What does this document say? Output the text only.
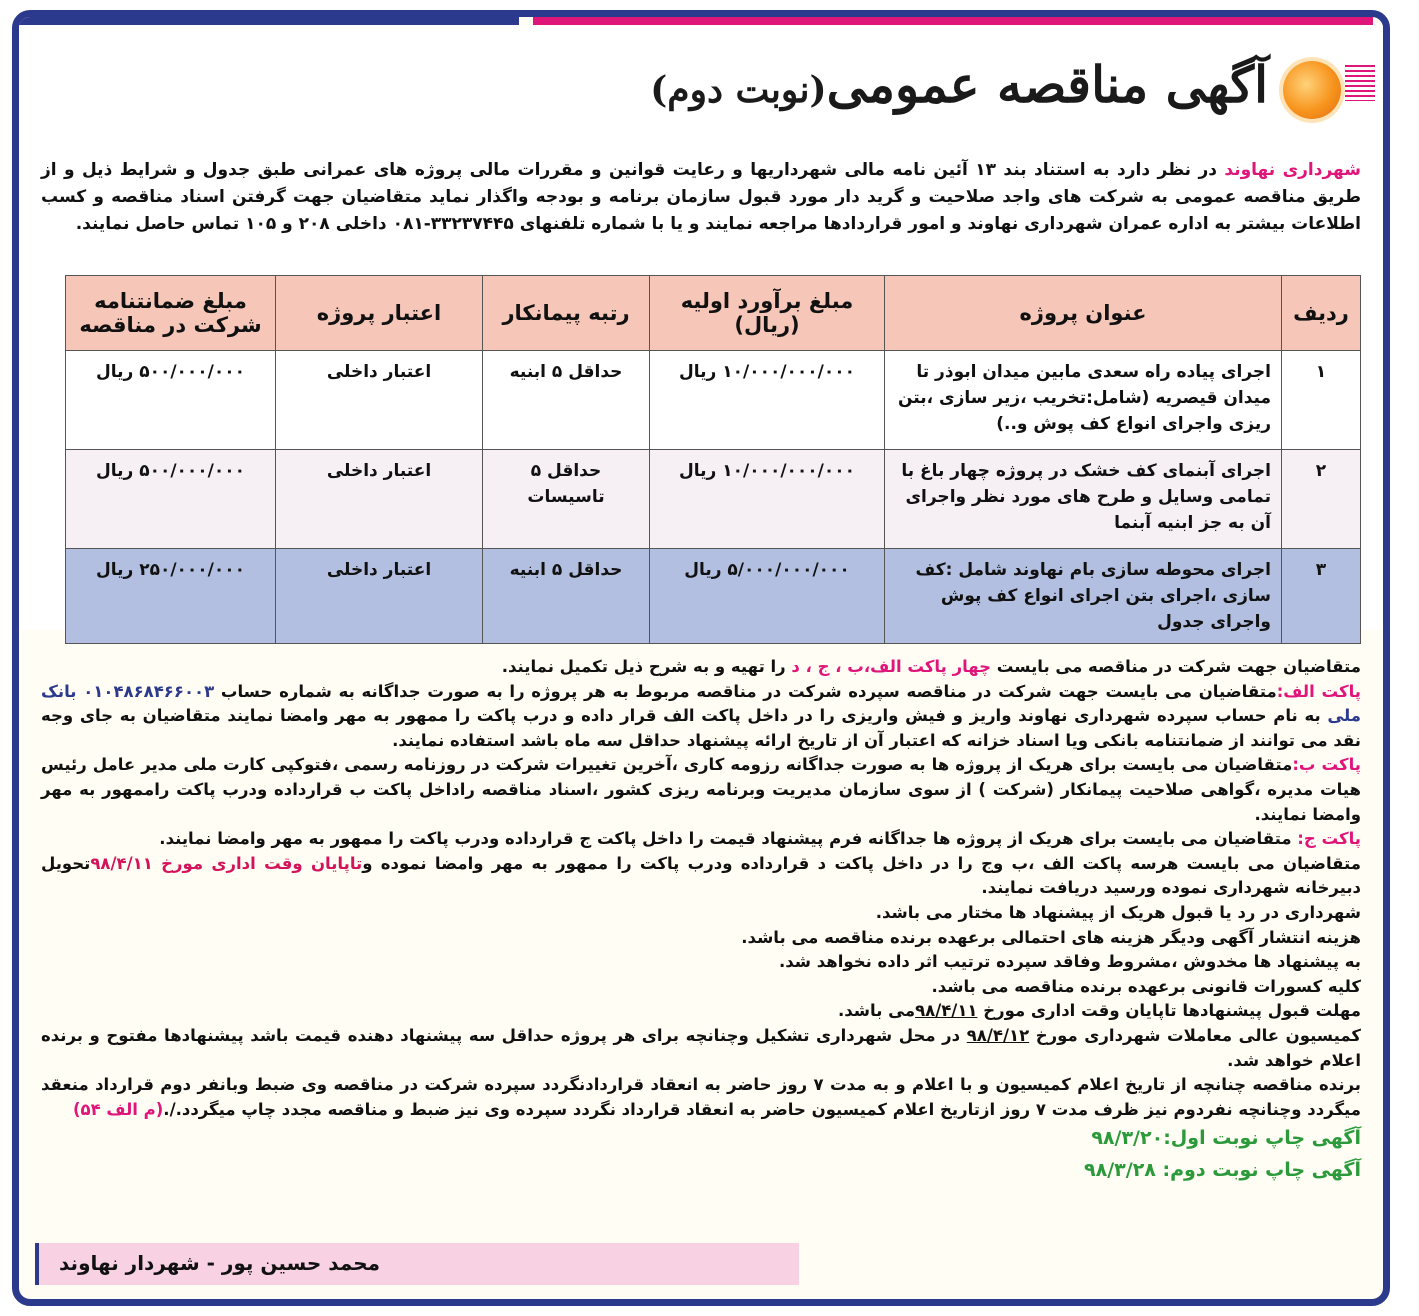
آگهی مناقصه عمومی(نوبت دوم)
شهرداری نهاوند در نظر دارد به استناد بند ۱۳ آئین نامه مالی شهرداریها و رعایت قوانین و مقررات مالی پروژه های عمرانی طبق جدول و شرایط ذیل و از طریق مناقصه عمومی به شرکت های واجد صلاحیت و گرید دار مورد قبول سازمان برنامه و بودجه واگذار نماید متقاضیان جهت گرفتن اسناد مناقصه و کسب اطلاعات بیشتر به اداره عمران شهرداری نهاوند و امور قراردادها مراجعه نمایند و یا با شماره تلفنهای ۳۳۲۳۷۴۴۵-۰۸۱ داخلی ۲۰۸ و ۱۰۵ تماس حاصل نمایند.
ردیف	عنوان پروژه	مبلغ برآورد اولیه (ریال)	رتبه پیمانکار	اعتبار پروژه	مبلغ ضمانتنامه شرکت در مناقصه
۱	اجرای پیاده راه سعدی مابین میدان ابوذر تا میدان قیصریه (شامل:تخریب ،زیر سازی ،بتن ریزی واجرای انواع کف پوش و..)	۱۰/۰۰۰/۰۰۰/۰۰۰ ریال	حداقل ۵ ابنیه	اعتبار داخلی	۵۰۰/۰۰۰/۰۰۰ ریال
۲	اجرای آبنمای کف خشک در پروژه چهار باغ با تمامی وسایل و طرح های مورد نظر واجرای آن به جز ابنیه آبنما	۱۰/۰۰۰/۰۰۰/۰۰۰ ریال	حداقل ۵ تاسیسات	اعتبار داخلی	۵۰۰/۰۰۰/۰۰۰ ریال
۳	اجرای محوطه سازی بام نهاوند شامل :کف سازی ،اجرای بتن اجرای انواع کف پوش واجرای جدول	۵/۰۰۰/۰۰۰/۰۰۰ ریال	حداقل ۵ ابنیه	اعتبار داخلی	۲۵۰/۰۰۰/۰۰۰ ریال

متقاضیان جهت شرکت در مناقصه می بایست چهار پاکت الف،ب ، ج ، د را تهیه و به شرح ذیل تکمیل نمایند.

پاکت الف:متقاضیان می بایست جهت شرکت در مناقصه سپرده شرکت در مناقصه مربوط به هر پروژه را به صورت جداگانه به شماره حساب ۰۱۰۴۸۶۸۴۶۶۰۰۳ بانک ملی به نام حساب سپرده شهرداری نهاوند واریز و فیش واریزی را در داخل پاکت الف قرار داده و درب پاکت را ممهور به مهر وامضا نمایند متقاضیان به جای وجه نقد می توانند از ضمانتنامه بانکی ویا اسناد خزانه که اعتبار آن از تاریخ ارائه پیشنهاد حداقل سه ماه باشد استفاده نمایند.

پاکت ب:متقاضیان می بایست برای هریک از پروژه ها به صورت جداگانه رزومه کاری ،آخرین تغییرات شرکت در روزنامه رسمی ،فتوکپی کارت ملی مدیر عامل رئیس هیات مدیره ،گواهی صلاحیت پیمانکار (شرکت ) از سوی سازمان مدیریت وبرنامه ریزی کشور ،اسناد مناقصه راداخل پاکت ب قرارداده ودرب پاکت راممهور به مهر وامضا نمایند.

پاکت ج: متقاضیان می بایست برای هریک از پروژه ها جداگانه فرم پیشنهاد قیمت را داخل پاکت ج قرارداده ودرب پاکت را ممهور به مهر وامضا نمایند.

متقاضیان می بایست هرسه پاکت الف ،ب وج را در داخل پاکت د قرارداده ودرب پاکت را ممهور به مهر وامضا نموده وتاپایان وقت اداری مورخ ۹۸/۴/۱۱تحویل دبیرخانه شهرداری نموده ورسید دریافت نمایند.

شهرداری در رد یا قبول هریک از پیشنهاد ها مختار می باشد.

هزینه انتشار آگهی ودیگر هزینه های احتمالی برعهده برنده مناقصه می باشد.

به پیشنهاد ها مخدوش ،مشروط وفاقد سپرده ترتیب اثر داده نخواهد شد.

کلیه کسورات قانونی برعهده برنده مناقصه می باشد.

مهلت قبول پیشنهادها تاپایان وقت اداری مورخ ۹۸/۴/۱۱می باشد.

کمیسیون عالی معاملات شهرداری مورخ ۹۸/۴/۱۲ در محل شهرداری تشکیل وچنانچه برای هر پروژه حداقل سه پیشنهاد دهنده قیمت باشد پیشنهادها مفتوح و برنده اعلام خواهد شد.

برنده مناقصه چنانچه از تاریخ اعلام کمیسیون و با اعلام و به مدت ۷ روز حاضر به انعقاد قراردادنگردد سپرده شرکت در مناقصه وی ضبط وبانفر دوم قرارداد منعقد میگردد وچنانچه نفردوم نیز ظرف مدت ۷ روز ازتاریخ اعلام کمیسیون حاضر به انعقاد قرارداد نگردد سپرده وی نیز ضبط و مناقصه مجدد چاپ میگردد./.(م الف ۵۴)

آگهی چاپ نوبت اول:۹۸/۳/۲۰

آگهی چاپ نوبت دوم: ۹۸/۳/۲۸

محمد حسین پور - شهردار نهاوند
